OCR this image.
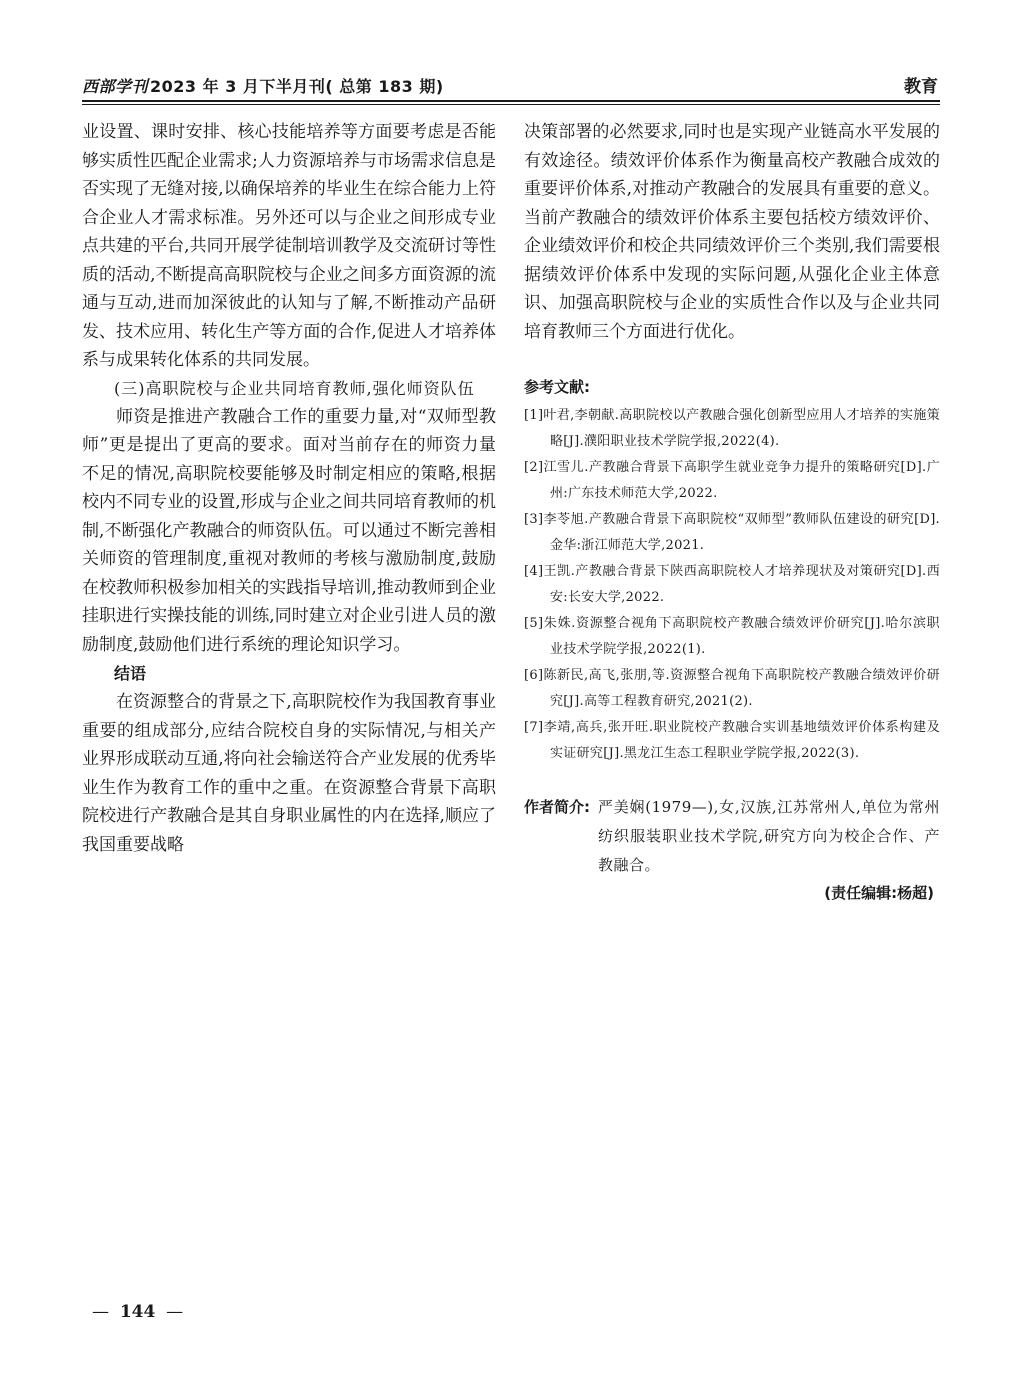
西部学刊 2023 年 3 月下半月刊( 总第 183 期)	教育

业设置、课时安排、核心技能培养等方面要考虑是否能够实质性匹配企业需求;人力资源培养与市场需求信息是否实现了无缝对接,以确保培养的毕业生在综合能力上符合企业人才需求标准。另外还可以与企业之间形成专业点共建的平台,共同开展学徒制培训教学及交流研讨等性质的活动,不断提高高职院校与企业之间多方面资源的流通与互动,进而加深彼此的认知与了解,不断推动产品研发、技术应用、转化生产等方面的合作,促进人才培养体系与成果转化体系的共同发展。

(三)高职院校与企业共同培育教师,强化师资队伍

师资是推进产教融合工作的重要力量,对“双师型教师”更是提出了更高的要求。面对当前存在的师资力量不足的情况,高职院校要能够及时制定相应的策略,根据校内不同专业的设置,形成与企业之间共同培育教师的机制,不断强化产教融合的师资队伍。可以通过不断完善相关师资的管理制度,重视对教师的考核与激励制度,鼓励在校教师积极参加相关的实践指导培训,推动教师到企业挂职进行实操技能的训练,同时建立对企业引进人员的激励制度,鼓励他们进行系统的理论知识学习。

结语

在资源整合的背景之下,高职院校作为我国教育事业重要的组成部分,应结合院校自身的实际情况,与相关产业界形成联动互通,将向社会输送符合产业发展的优秀毕业生作为教育工作的重中之重。在资源整合背景下高职院校进行产教融合是其自身职业属性的内在选择,顺应了我国重要战略

决策部署的必然要求,同时也是实现产业链高水平发展的有效途径。绩效评价体系作为衡量高校产教融合成效的重要评价体系,对推动产教融合的发展具有重要的意义。当前产教融合的绩效评价体系主要包括校方绩效评价、企业绩效评价和校企共同绩效评价三个类别,我们需要根据绩效评价体系中发现的实际问题,从强化企业主体意识、加强高职院校与企业的实质性合作以及与企业共同培育教师三个方面进行优化。

参考文献:
[1]叶君,李朝献.高职院校以产教融合强化创新型应用人才培养的实施策略[J].濮阳职业技术学院学报,2022(4).
[2]江雪儿.产教融合背景下高职学生就业竞争力提升的策略研究[D].广州:广东技术师范大学,2022.
[3]李苓旭.产教融合背景下高职院校“双师型”教师队伍建设的研究[D].金华:浙江师范大学,2021.
[4]王凯.产教融合背景下陕西高职院校人才培养现状及对策研究[D].西安:长安大学,2022.
[5]朱姝.资源整合视角下高职院校产教融合绩效评价研究[J].哈尔滨职业技术学院学报,2022(1).
[6]陈新民,高飞,张朋,等.资源整合视角下高职院校产教融合绩效评价研究[J].高等工程教育研究,2021(2).
[7]李靖,高兵,张开旺.职业院校产教融合实训基地绩效评价体系构建及实证研究[J].黑龙江生态工程职业学院学报,2022(3).
作者简介: 严美娴(1979—),女,汉族,江苏常州人,单位为常州纺织服装职业技术学院,研究方向为校企合作、产教融合。
(责任编辑:杨超)
—  144  —
